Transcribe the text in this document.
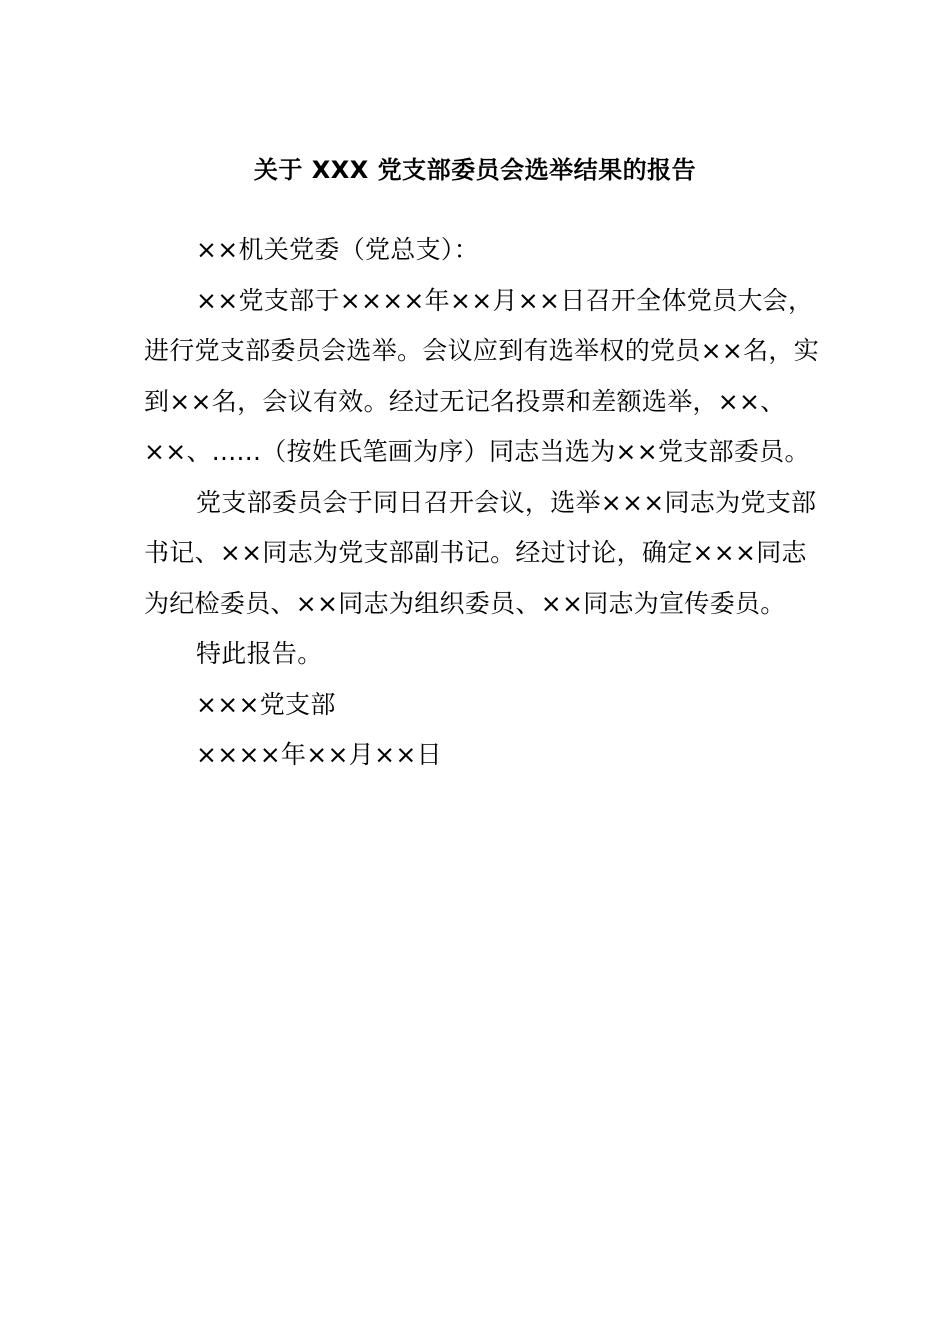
关于 XXX 党支部委员会选举结果的报告

××机关党委（党总支）：

××党支部于××××年××月××日召开全体党员大会，进行党支部委员会选举。会议应到有选举权的党员××名，实到××名，会议有效。经过无记名投票和差额选举，××、××、......（按姓氏笔画为序）同志当选为××党支部委员。

党支部委员会于同日召开会议，选举×××同志为党支部书记、××同志为党支部副书记。经过讨论，确定×××同志为纪检委员、××同志为组织委员、××同志为宣传委员。

特此报告。

×××党支部

××××年××月××日
